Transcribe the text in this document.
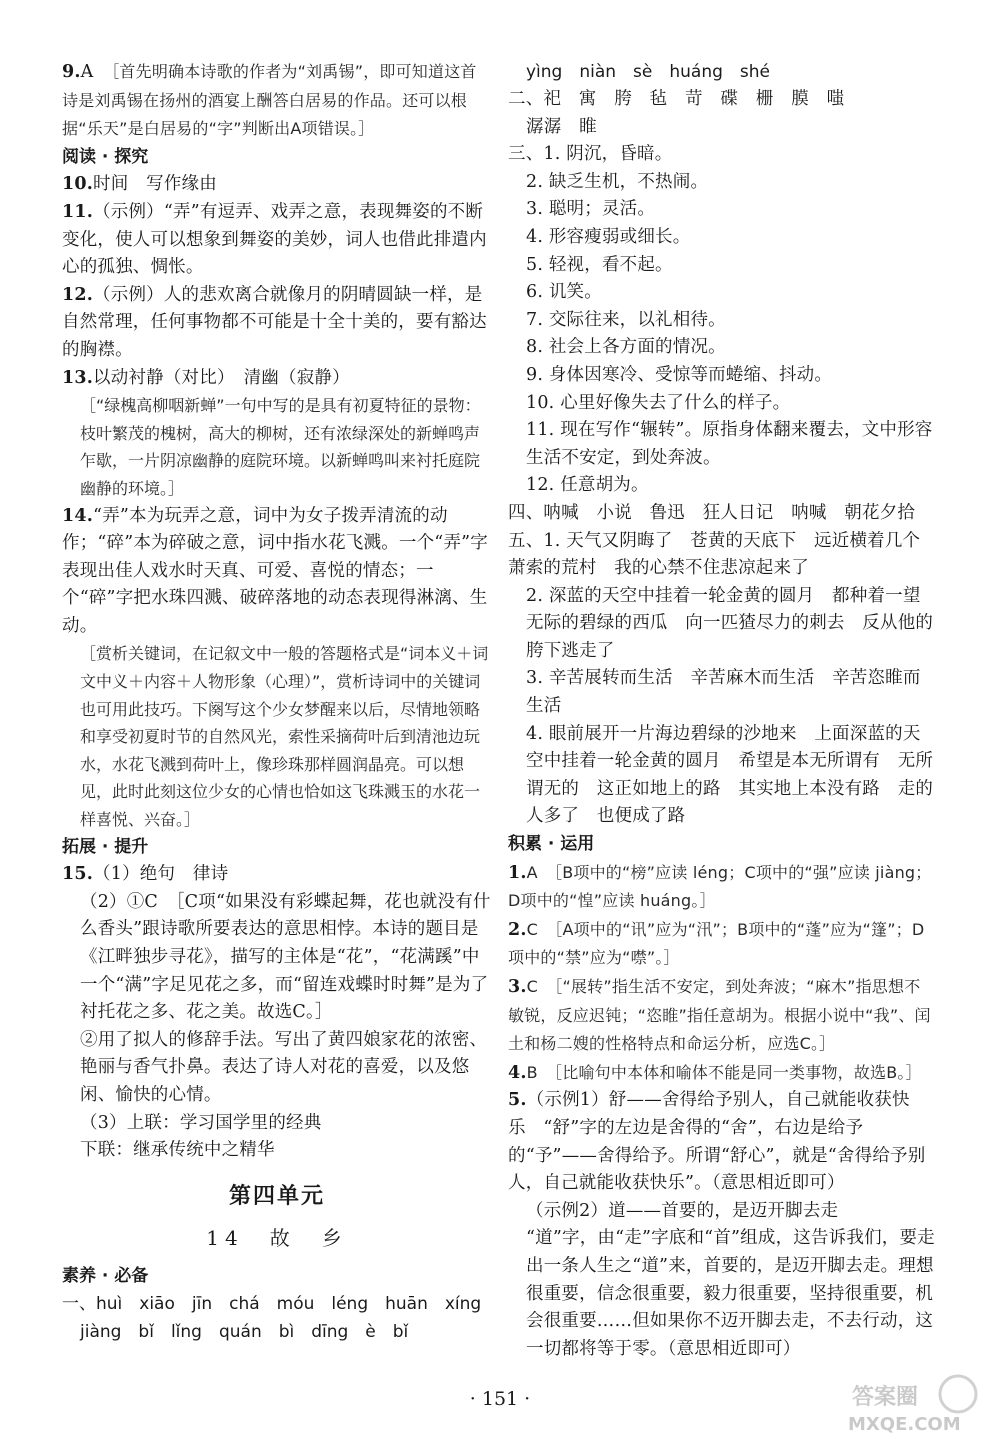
9.A　 ［首先明确本诗歌的作者为“刘禹锡”，即可知道这首诗是刘禹锡在扬州的酒宴上酬答白居易的作品。还可以根据“乐天”是白居易的“字”判断出A项错误。］

阅读 · 探究

10.时间　写作缘由

11.（示例）“弄”有逗弄、戏弄之意，表现舞姿的不断变化，使人可以想象到舞姿的美妙，词人也借此排遣内心的孤独、惆怅。

12.（示例）人的悲欢离合就像月的阴晴圆缺一样，是自然常理，任何事物都不可能是十全十美的，要有豁达的胸襟。

13.以动衬静（对比）　清幽（寂静）

［“绿槐高柳咽新蝉”一句中写的是具有初夏特征的景物：枝叶繁茂的槐树，高大的柳树，还有浓绿深处的新蝉鸣声乍歇，一片阴凉幽静的庭院环境。以新蝉鸣叫来衬托庭院幽静的环境。］

14.“弄”本为玩弄之意，词中为女子拨弄清流的动作；“碎”本为碎破之意，词中指水花飞溅。一个“弄”字表现出佳人戏水时天真、可爱、喜悦的情态；一个“碎”字把水珠四溅、破碎落地的动态表现得淋漓、生动。

［赏析关键词，在记叙文中一般的答题格式是“词本义＋词文中义＋内容＋人物形象（心理）”，赏析诗词中的关键词也可用此技巧。下阕写这个少女梦醒来以后，尽情地领略和享受初夏时节的自然风光，索性采摘荷叶后到清池边玩水，水花飞溅到荷叶上，像珍珠那样圆润晶亮。可以想见，此时此刻这位少女的心情也恰如这飞珠溅玉的水花一样喜悦、兴奋。］

拓展 · 提升

15.（1）绝句　律诗

（2）①C　［C项“如果没有彩蝶起舞，花也就没有什么香头”跟诗歌所要表达的意思相悖。本诗的题目是《江畔独步寻花》，描写的主体是“花”，“花满蹊”中一个“满”字足见花之多，而“留连戏蝶时时舞”是为了衬托花之多、花之美。故选C。］

②用了拟人的修辞手法。写出了黄四娘家花的浓密、艳丽与香气扑鼻。表达了诗人对花的喜爱，以及悠闲、愉快的心情。

（3）上联：学习国学里的经典

下联：继承传统中之精华

第四单元
14　故　乡

素养 · 必备

一、huì　xiāo　jīn　chá　móu　léng　huān　xíng

jiàng　bǐ　lǐng　quán　bì　dīng　è　bǐ

yìng　niàn　sè　huáng　shé

二、祀　寓　胯　毡　苛　碟　栅　膜　嗤

潺潺　睢

三、1. 阴沉，昏暗。

2. 缺乏生机，不热闹。

3. 聪明；灵活。

4. 形容瘦弱或细长。

5. 轻视，看不起。

6. 讥笑。

7. 交际往来，以礼相待。

8. 社会上各方面的情况。

9. 身体因寒冷、受惊等而蜷缩、抖动。

10. 心里好像失去了什么的样子。

11. 现在写作“辗转”。原指身体翻来覆去，文中形容生活不安定，到处奔波。

12. 任意胡为。

四、呐喊　小说　鲁迅　狂人日记　呐喊　朝花夕拾

五、1. 天气又阴晦了　苍黄的天底下　远近横着几个萧索的荒村　我的心禁不住悲凉起来了

2. 深蓝的天空中挂着一轮金黄的圆月　都种着一望无际的碧绿的西瓜　向一匹猹尽力的刺去　反从他的胯下逃走了

3. 辛苦展转而生活　辛苦麻木而生活　辛苦恣睢而生活

4. 眼前展开一片海边碧绿的沙地来　上面深蓝的天空中挂着一轮金黄的圆月　希望是本无所谓有　无所谓无的　这正如地上的路　其实地上本没有路　走的人多了　也便成了路

积累 · 运用

1.A　［B项中的“榜”应读 léng；C项中的“强”应读 jiàng；D项中的“惶”应读 huáng。］

2.C　［A项中的“讯”应为“汛”；B项中的“蓬”应为“篷”；D项中的“禁”应为“噤”。］

3.C　［“展转”指生活不安定，到处奔波；“麻木”指思想不敏锐，反应迟钝；“恣睢”指任意胡为。根据小说中“我”、闰土和杨二嫂的性格特点和命运分析，应选C。］

4.B　［比喻句中本体和喻体不能是同一类事物，故选B。］

5.（示例1）舒——舍得给予别人，自己就能收获快乐　“舒”字的左边是舍得的“舍”，右边是给予的“予”——舍得给予。所谓“舒心”，就是“舍得给予别人，自己就能收获快乐”。（意思相近即可）

（示例2）道——首要的，是迈开脚去走

“道”字，由“走”字底和“首”组成，这告诉我们，要走出一条人生之“道”来，首要的，是迈开脚去走。理想很重要，信念很重要，毅力很重要，坚持很重要，机会很重要……但如果你不迈开脚去走，不去行动，这一切都将等于零。（意思相近即可）

· 151 ·	答案圈
MXQE.COM
